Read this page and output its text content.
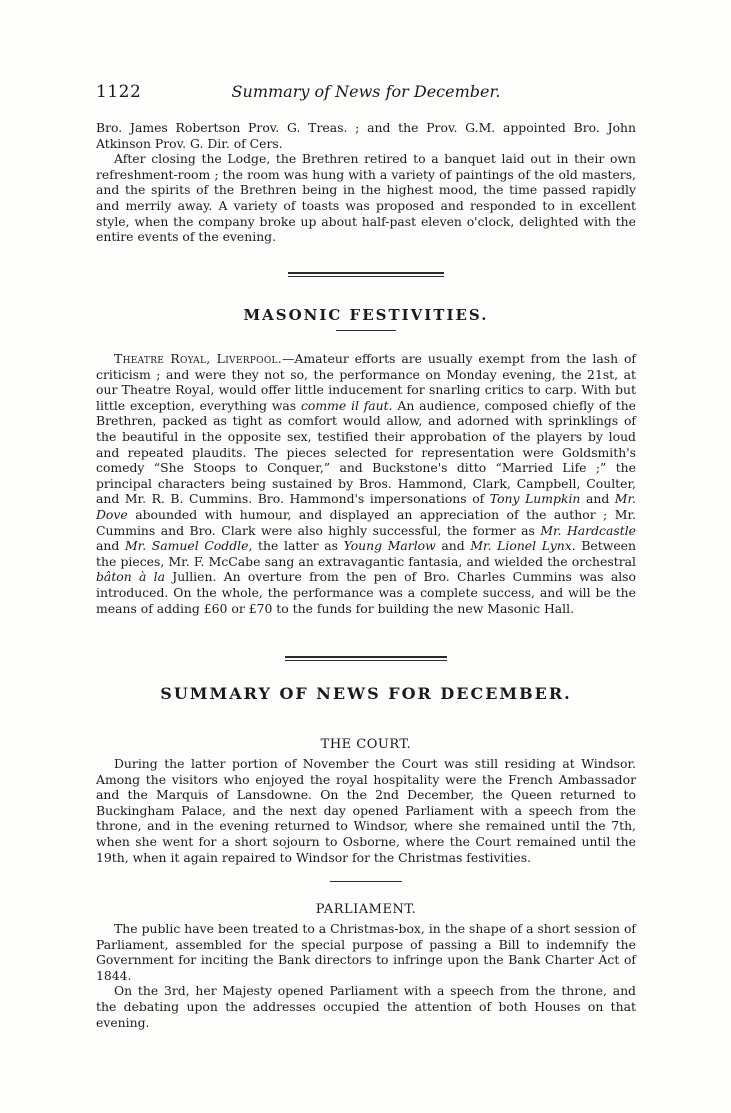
1122	Summary of News for December.

Bro. James Robertson Prov. G. Treas. ; and the Prov. G.M. appointed Bro. John Atkinson Prov. G. Dir. of Cers.

After closing the Lodge, the Brethren retired to a banquet laid out in their own refreshment-room ; the room was hung with a variety of paintings of the old masters, and the spirits of the Brethren being in the highest mood, the time passed rapidly and merrily away. A variety of toasts was proposed and responded to in excellent style, when the company broke up about half-past eleven o'clock, delighted with the entire events of the evening.

MASONIC FESTIVITIES.

Theatre Royal, Liverpool.—Amateur efforts are usually exempt from the lash of criticism ; and were they not so, the performance on Monday evening, the 21st, at our Theatre Royal, would offer little inducement for snarling critics to carp. With but little exception, everything was comme il faut. An audience, composed chiefly of the Brethren, packed as tight as comfort would allow, and adorned with sprinklings of the beautiful in the opposite sex, testified their approbation of the players by loud and repeated plaudits. The pieces selected for representation were Goldsmith's comedy “She Stoops to Conquer,” and Buckstone's ditto “Married Life ;” the principal characters being sustained by Bros. Hammond, Clark, Campbell, Coulter, and Mr. R. B. Cummins. Bro. Hammond's impersonations of Tony Lumpkin and Mr. Dove abounded with humour, and displayed an appreciation of the author ; Mr. Cummins and Bro. Clark were also highly successful, the former as Mr. Hardcastle and Mr. Samuel Coddle, the latter as Young Marlow and Mr. Lionel Lynx. Between the pieces, Mr. F. McCabe sang an extravagantic fantasia, and wielded the orchestral bâton à la Jullien. An overture from the pen of Bro. Charles Cummins was also introduced. On the whole, the performance was a complete success, and will be the means of adding £60 or £70 to the funds for building the new Masonic Hall.

SUMMARY OF NEWS FOR DECEMBER.
THE COURT.

During the latter portion of November the Court was still residing at Windsor. Among the visitors who enjoyed the royal hospitality were the French Ambassador and the Marquis of Lansdowne. On the 2nd December, the Queen returned to Buckingham Palace, and the next day opened Parliament with a speech from the throne, and in the evening returned to Windsor, where she remained until the 7th, when she went for a short sojourn to Osborne, where the Court remained until the 19th, when it again repaired to Windsor for the Christmas festivities.

PARLIAMENT.

The public have been treated to a Christmas-box, in the shape of a short session of Parliament, assembled for the special purpose of passing a Bill to indemnify the Government for inciting the Bank directors to infringe upon the Bank Charter Act of 1844.

On the 3rd, her Majesty opened Parliament with a speech from the throne, and the debating upon the addresses occupied the attention of both Houses on that evening.
